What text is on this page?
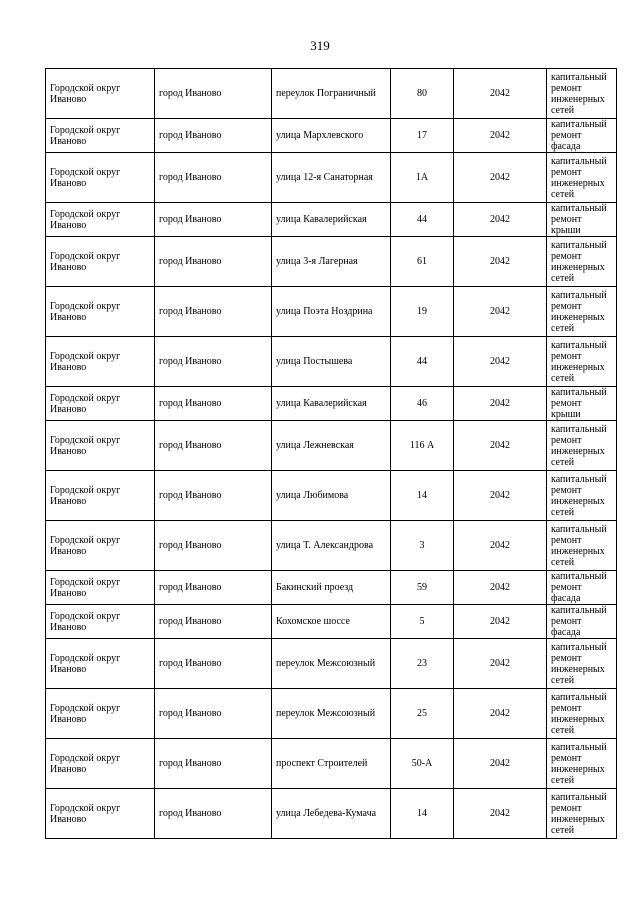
319
Городской округ Иваново	город Иваново	переулок Пограничный	80	2042	капитальный ремонт инженерных сетей
Городской округ Иваново	город Иваново	улица Мархлевского	17	2042	капитальный ремонт фасада
Городской округ Иваново	город Иваново	улица 12-я Санаторная	1А	2042	капитальный ремонт инженерных сетей
Городской округ Иваново	город Иваново	улица Кавалерийская	44	2042	капитальный ремонт крыши
Городской округ Иваново	город Иваново	улица 3-я Лагерная	61	2042	капитальный ремонт инженерных сетей
Городской округ Иваново	город Иваново	улица Поэта Ноздрина	19	2042	капитальный ремонт инженерных сетей
Городской округ Иваново	город Иваново	улица Постышева	44	2042	капитальный ремонт инженерных сетей
Городской округ Иваново	город Иваново	улица Кавалерийская	46	2042	капитальный ремонт крыши
Городской округ Иваново	город Иваново	улица Лежневская	116 А	2042	капитальный ремонт инженерных сетей
Городской округ Иваново	город Иваново	улица Любимова	14	2042	капитальный ремонт инженерных сетей
Городской округ Иваново	город Иваново	улица Т. Александрова	3	2042	капитальный ремонт инженерных сетей
Городской округ Иваново	город Иваново	Бакинский проезд	59	2042	капитальный ремонт фасада
Городской округ Иваново	город Иваново	Кохомское шоссе	5	2042	капитальный ремонт фасада
Городской округ Иваново	город Иваново	переулок Межсоюзный	23	2042	капитальный ремонт инженерных сетей
Городской округ Иваново	город Иваново	переулок Межсоюзный	25	2042	капитальный ремонт инженерных сетей
Городской округ Иваново	город Иваново	проспект Строителей	50-А	2042	капитальный ремонт инженерных сетей
Городской округ Иваново	город Иваново	улица Лебедева-Кумача	14	2042	капитальный ремонт инженерных сетей
